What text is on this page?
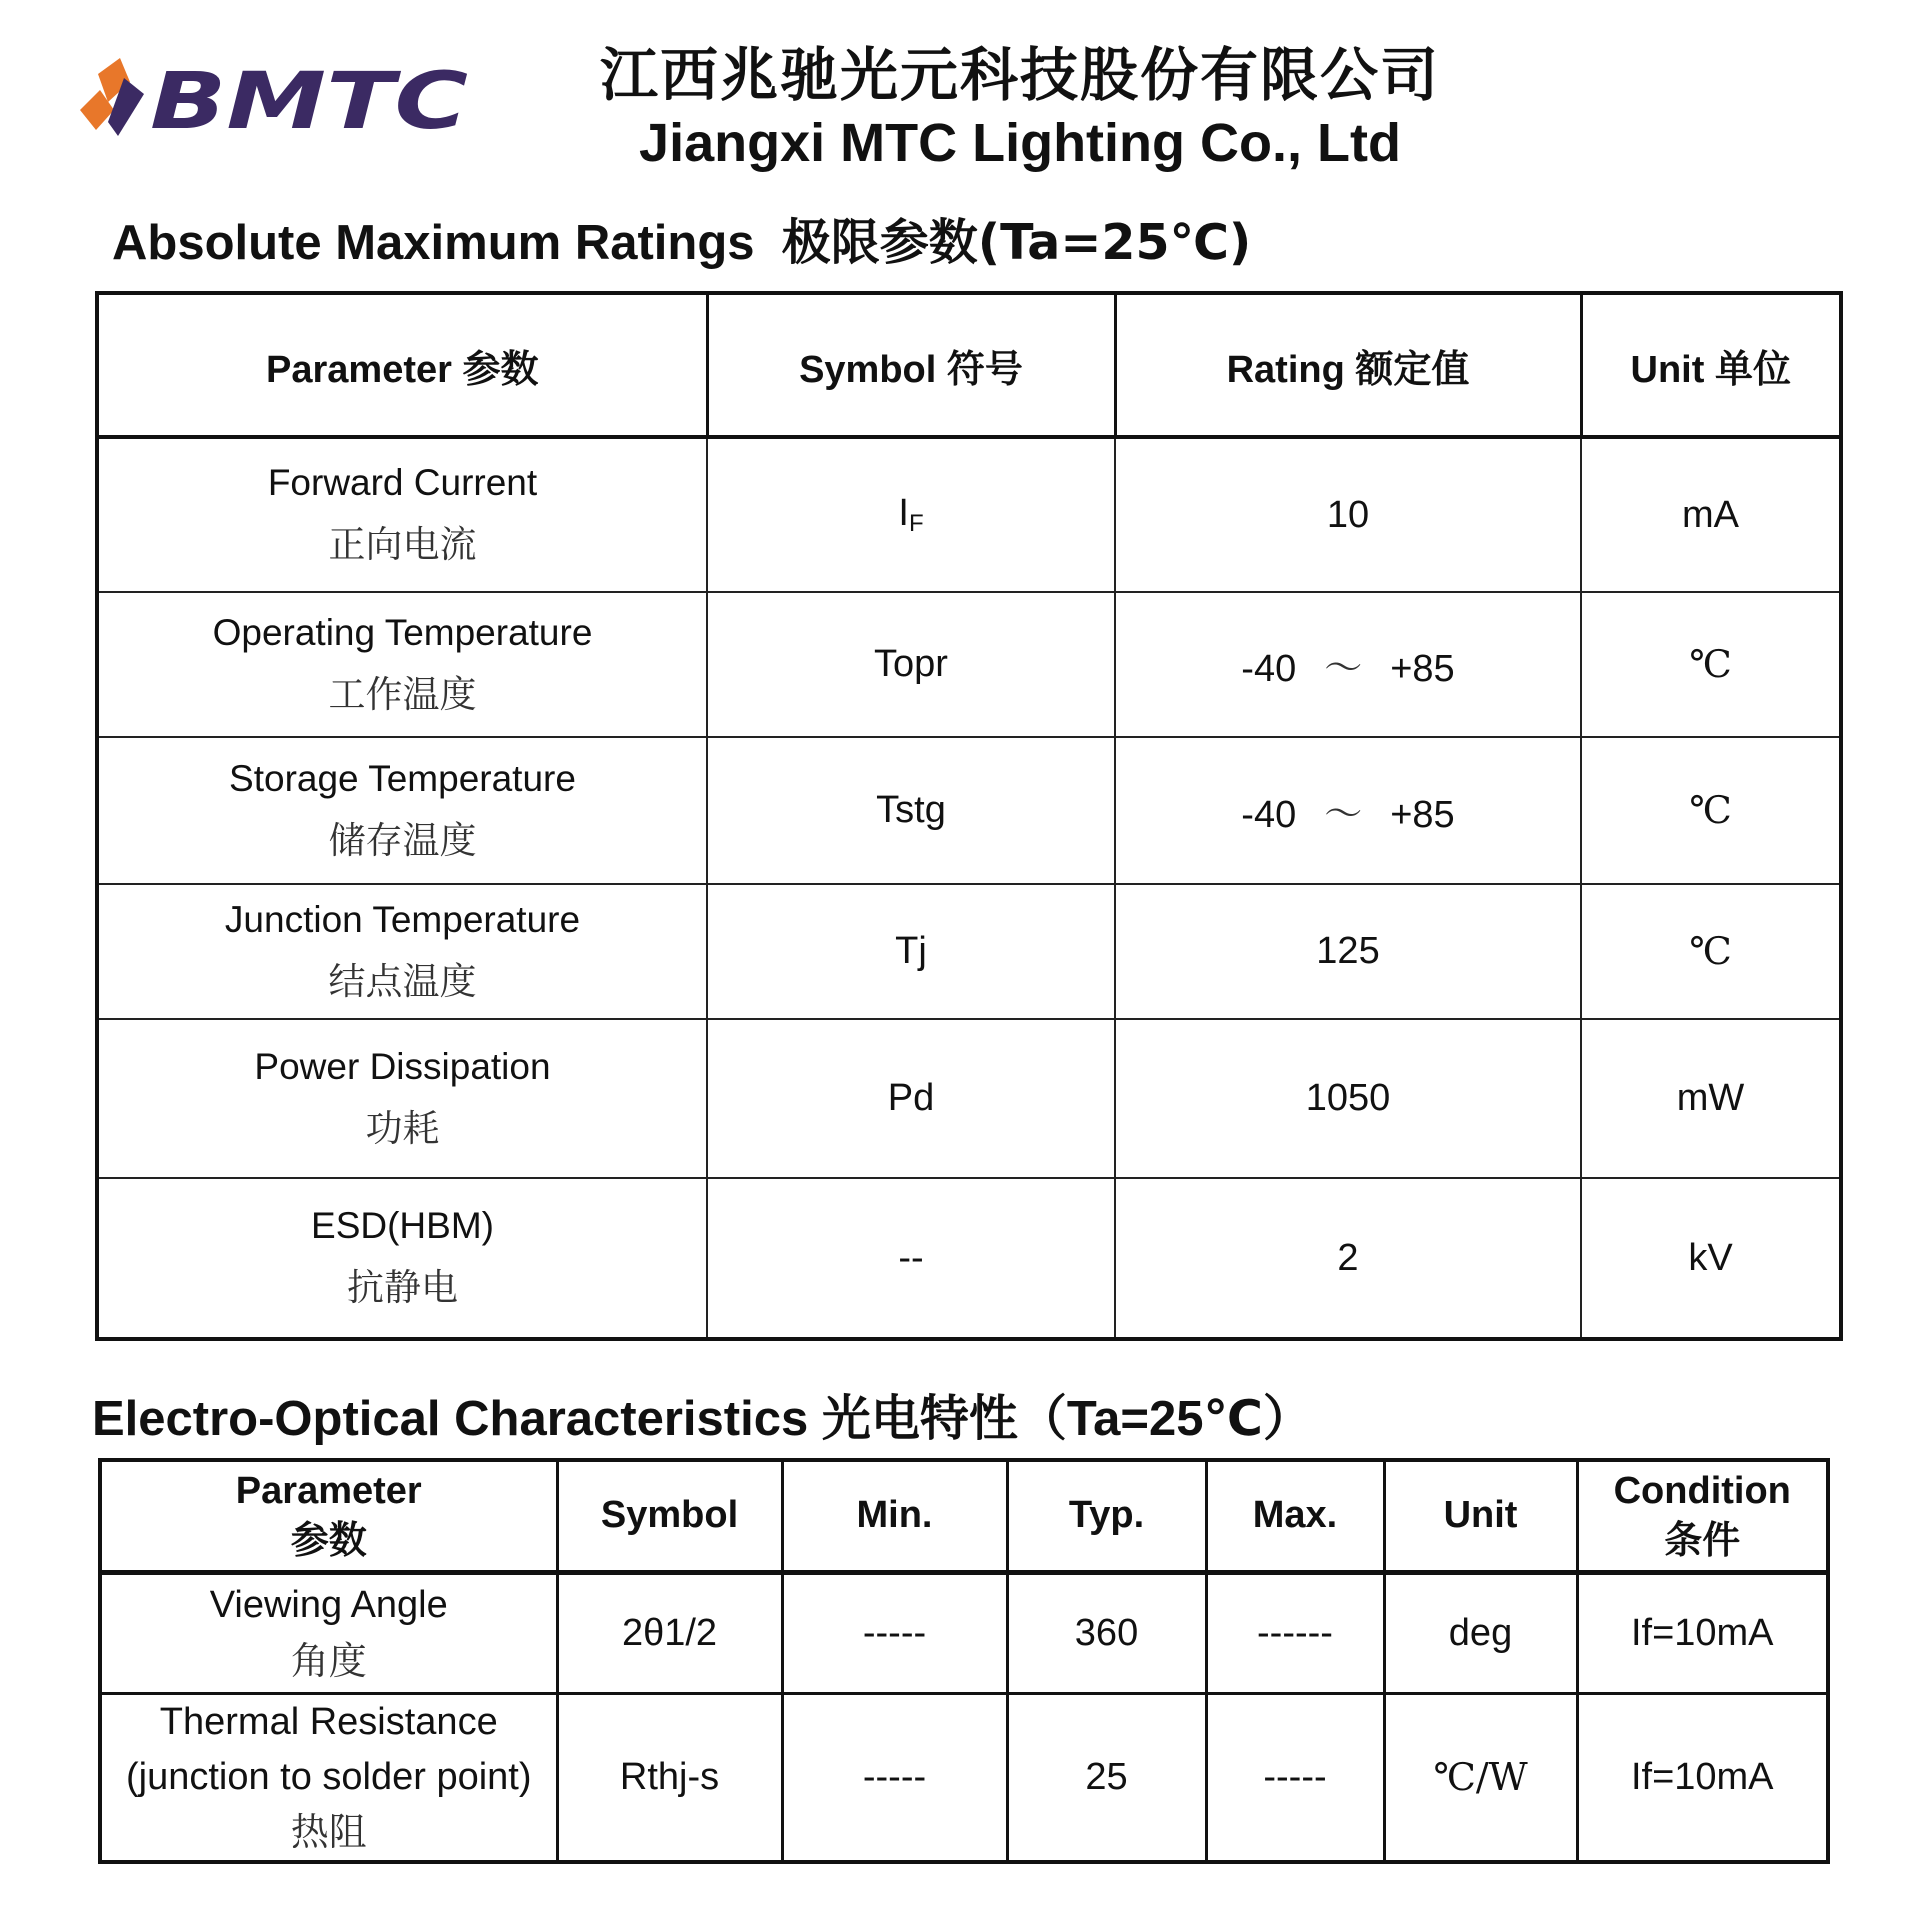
BMTC	江西兆驰光元科技股份有限公司
Jiangxi MTC Lighting Co., Ltd
Absolute Maximum Ratings 极限参数(Ta=25℃)
Parameter 参数	Symbol 符号	Rating 额定值	Unit 单位

Forward Current
正向电流	$I_F$	10	mA

Operating Temperature
工作温度	Topr	-40 ～ +85	℃

Storage Temperature
储存温度	Tstg	-40 ～ +85	℃

Junction Temperature
结点温度	Tj	125	℃

Power Dissipation
功耗	Pd	1050	mW

ESD(HBM)
抗静电	--	2	kV
Electro-Optical Characteristics 光电特性（Ta=25℃）
Parameter
参数	Symbol	Min.	Typ.	Max.	Unit	Condition
条件

Viewing Angle
角度	2θ1/2	-----	360	------	deg	If=10mA

Thermal Resistance
(junction to solder point)
热阻	Rthj-s	-----	25	-----	℃/W	If=10mA
